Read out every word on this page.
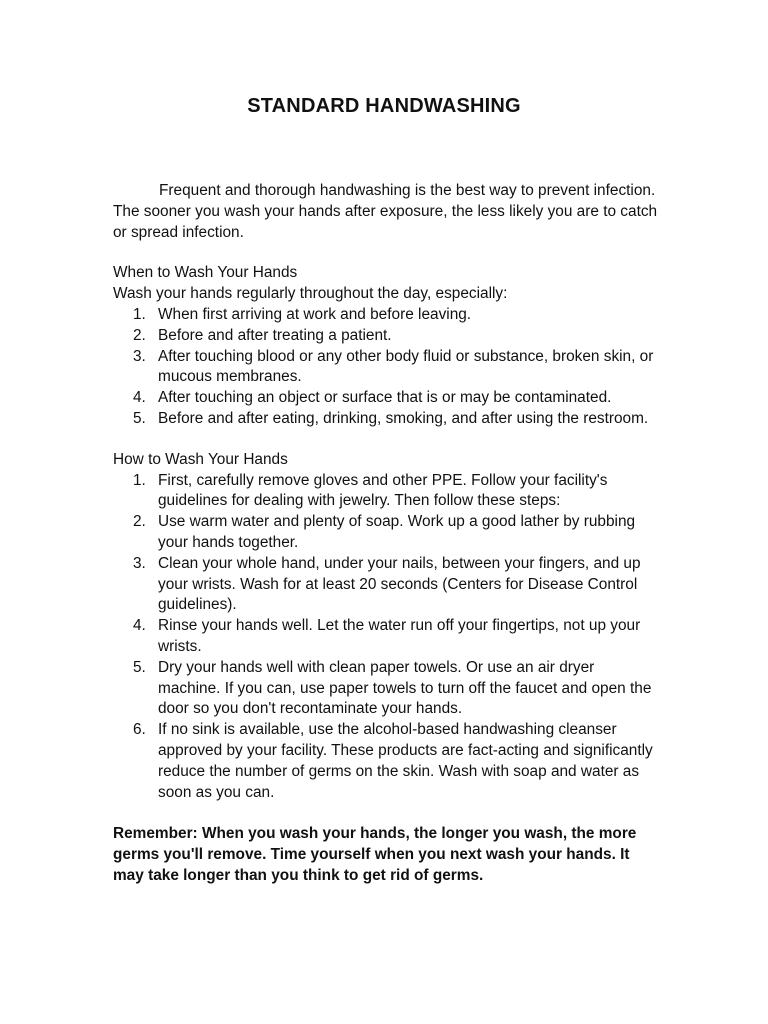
STANDARD HANDWASHING

Frequent and thorough handwashing is the best way to prevent infection. The sooner you wash your hands after exposure, the less likely you are to catch or spread infection.

When to Wash Your Hands

Wash your hands regularly throughout the day, especially:

1. When first arriving at work and before leaving.
2. Before and after treating a patient.
3. After touching blood or any other body fluid or substance, broken skin, or mucous membranes.
4. After touching an object or surface that is or may be contaminated.
5. Before and after eating, drinking, smoking, and after using the restroom.

How to Wash Your Hands

1. First, carefully remove gloves and other PPE. Follow your facility's guidelines for dealing with jewelry. Then follow these steps:
2. Use warm water and plenty of soap. Work up a good lather by rubbing your hands together.
3. Clean your whole hand, under your nails, between your fingers, and up your wrists. Wash for at least 20 seconds (Centers for Disease Control guidelines).
4. Rinse your hands well. Let the water run off your fingertips, not up your wrists.
5. Dry your hands well with clean paper towels. Or use an air dryer machine. If you can, use paper towels to turn off the faucet and open the door so you don't recontaminate your hands.
6. If no sink is available, use the alcohol-based handwashing cleanser approved by your facility. These products are fact-acting and significantly reduce the number of germs on the skin. Wash with soap and water as soon as you can.

Remember: When you wash your hands, the longer you wash, the more germs you'll remove. Time yourself when you next wash your hands. It may take longer than you think to get rid of germs.
